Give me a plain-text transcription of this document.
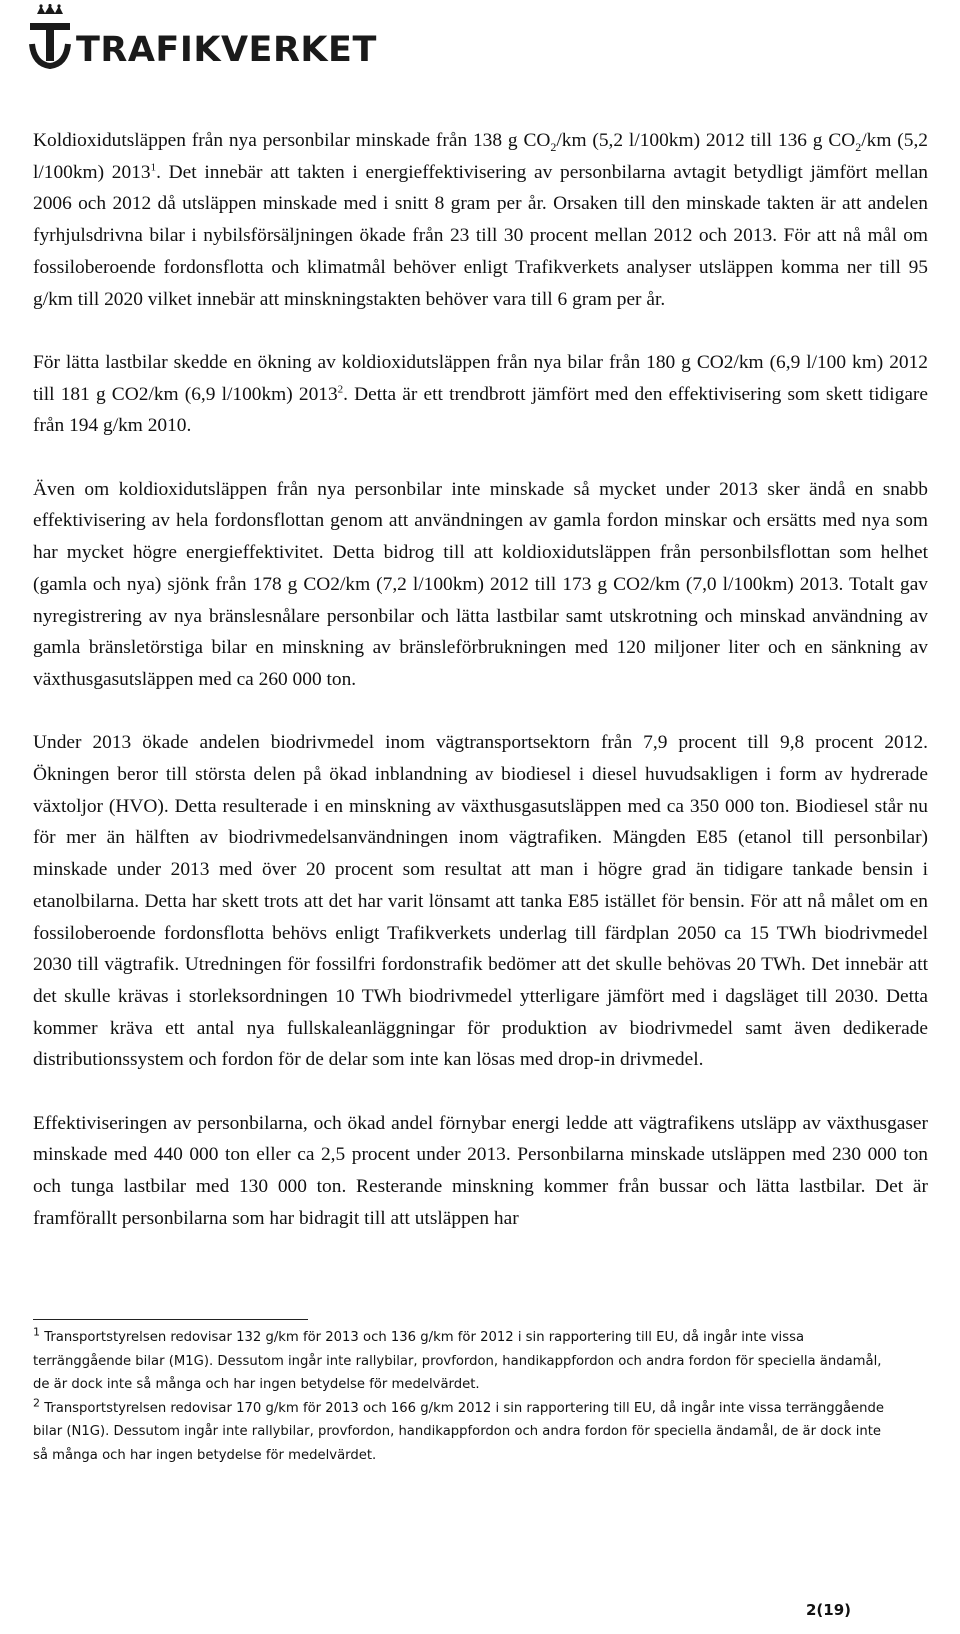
TRAFIKVERKET

Koldioxidutsläppen från nya personbilar minskade från 138 g $CO_2/km$ (5,2 l/100km) 2012 till 136 g $CO_2/km$ (5,2 l/100km) 2013$^1$. Det innebär att takten i energieffektivisering av personbilarna avtagit betydligt jämfört mellan 2006 och 2012 då utsläppen minskade med i snitt 8 gram per år. Orsaken till den minskade takten är att andelen fyrhjulsdrivna bilar i nybilsförsäljningen ökade från 23 till 30 procent mellan 2012 och 2013. För att nå mål om fossiloberoende fordonsflotta och klimatmål behöver enligt Trafikverkets analyser utsläppen komma ner till 95 g/km till 2020 vilket innebär att minskningstakten behöver vara till 6 gram per år.

För lätta lastbilar skedde en ökning av koldioxidutsläppen från nya bilar från 180 g CO2/km (6,9 l/100 km) 2012 till 181 g CO2/km (6,9 l/100km) 2013$^2$. Detta är ett trendbrott jämfört med den effektivisering som skett tidigare från 194 g/km 2010.

Även om koldioxidutsläppen från nya personbilar inte minskade så mycket under 2013 sker ändå en snabb effektivisering av hela fordonsflottan genom att användningen av gamla fordon minskar och ersätts med nya som har mycket högre energieffektivitet. Detta bidrog till att koldioxidutsläppen från personbilsflottan som helhet (gamla och nya) sjönk från 178 g CO2/km (7,2 l/100km) 2012 till 173 g CO2/km (7,0 l/100km) 2013. Totalt gav nyregistrering av nya bränslesnålare personbilar och lätta lastbilar samt utskrotning och minskad användning av gamla bränsletörstiga bilar en minskning av bränsleförbrukningen med 120 miljoner liter och en sänkning av växthusgasutsläppen med ca 260 000 ton.

Under 2013 ökade andelen biodrivmedel inom vägtransportsektorn från 7,9 procent till 9,8 procent 2012. Ökningen beror till största delen på ökad inblandning av biodiesel i diesel huvudsakligen i form av hydrerade växtoljor (HVO). Detta resulterade i en minskning av växthusgasutsläppen med ca 350 000 ton. Biodiesel står nu för mer än hälften av biodrivmedelsanvändningen inom vägtrafiken. Mängden E85 (etanol till personbilar) minskade under 2013 med över 20 procent som resultat att man i högre grad än tidigare tankade bensin i etanolbilarna. Detta har skett trots att det har varit lönsamt att tanka E85 istället för bensin. För att nå målet om en fossiloberoende fordonsflotta behövs enligt Trafikverkets underlag till färdplan 2050 ca 15 TWh biodrivmedel 2030 till vägtrafik. Utredningen för fossilfri fordonstrafik bedömer att det skulle behövas 20 TWh. Det innebär att det skulle krävas i storleksordningen 10 TWh biodrivmedel ytterligare jämfört med i dagsläget till 2030. Detta kommer kräva ett antal nya fullskaleanläggningar för produktion av biodrivmedel samt även dedikerade distributionssystem och fordon för de delar som inte kan lösas med drop-in drivmedel.

Effektiviseringen av personbilarna, och ökad andel förnybar energi ledde att vägtrafikens utsläpp av växthusgaser minskade med 440 000 ton eller ca 2,5 procent under 2013. Personbilarna minskade utsläppen med 230 000 ton och tunga lastbilar med 130 000 ton. Resterande minskning kommer från bussar och lätta lastbilar. Det är framförallt personbilarna som har bidragit till att utsläppen har

$^1$ Transportstyrelsen redovisar 132 g/km för 2013 och 136 g/km för 2012 i sin rapportering till EU, då ingår inte vissa terränggående bilar (M1G). Dessutom ingår inte rallybilar, provfordon, handikappfordon och andra fordon för speciella ändamål, de är dock inte så många och har ingen betydelse för medelvärdet.

$^2$ Transportstyrelsen redovisar 170 g/km för 2013 och 166 g/km 2012 i sin rapportering till EU, då ingår inte vissa terränggående bilar (N1G). Dessutom ingår inte rallybilar, provfordon, handikappfordon och andra fordon för speciella ändamål, de är dock inte så många och har ingen betydelse för medelvärdet.

2(19)
